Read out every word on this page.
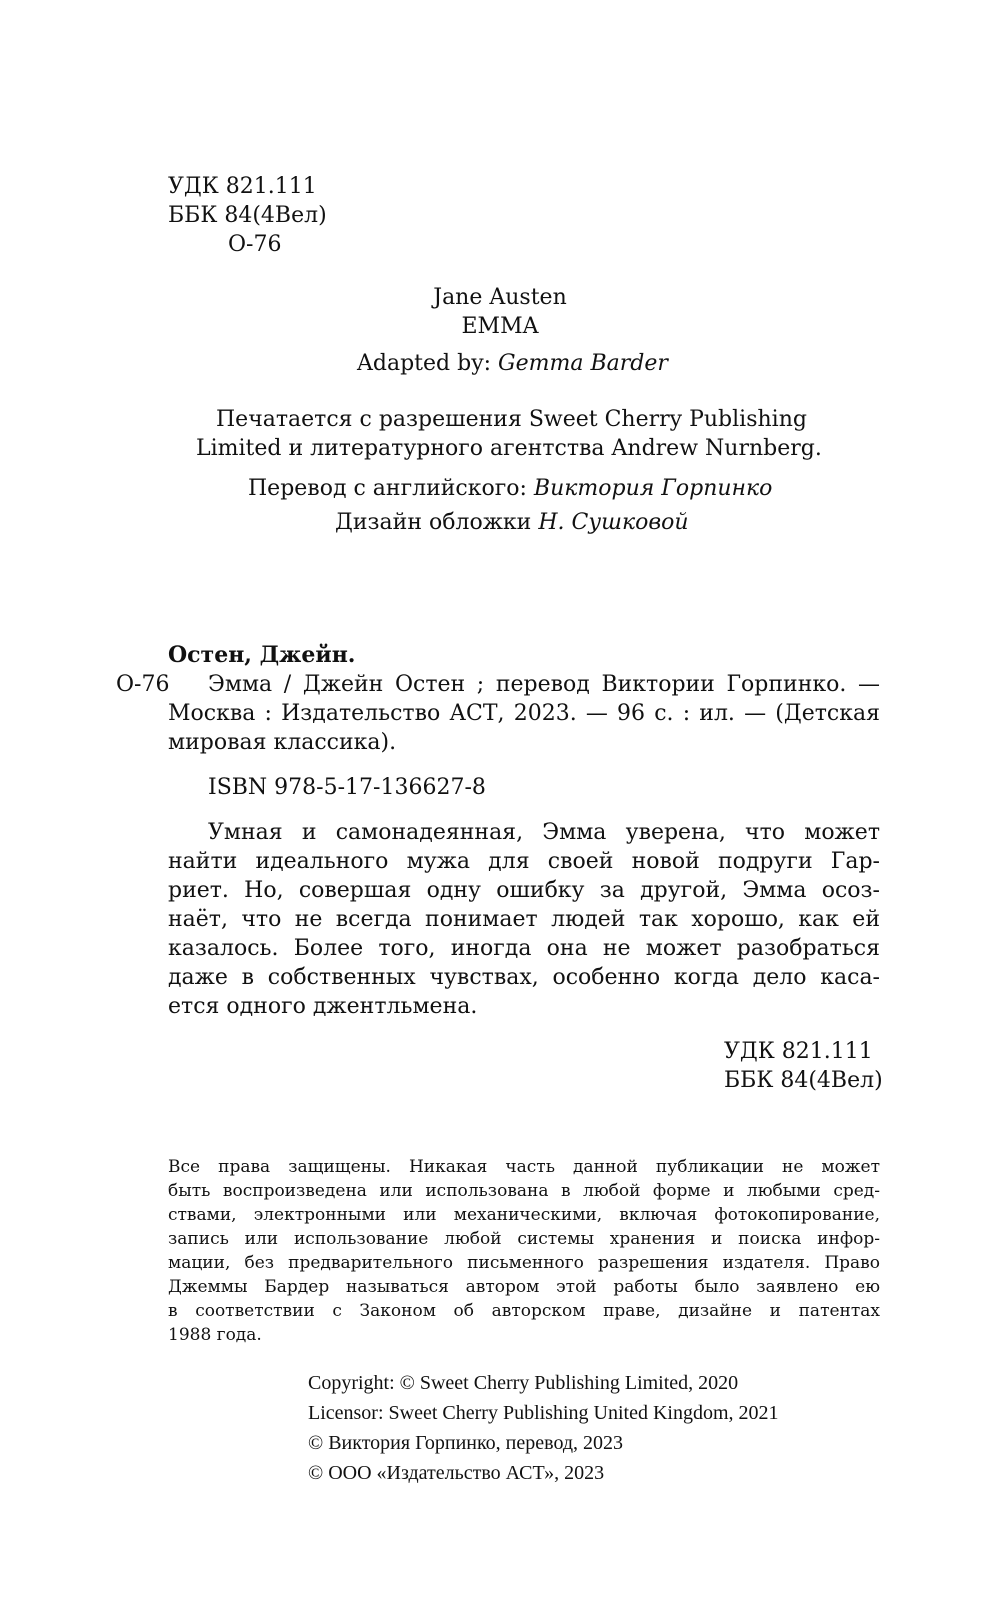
УДК 821.111
ББК 84(4Вел)
О-76
Jane Austen
EMMA
Adapted by: Gemma Barder
Печатается с разрешения Sweet Cherry Publishing
Limited и литературного агентства Andrew Nurnberg.
Перевод с английского: Виктория Горпинко
Дизайн обложки Н. Сушковой
Остен, Джейн.
О-76 Эмма / Джейн Остен ; перевод Виктории Горпинко. —
Москва : Издательство АСТ, 2023. — 96 с. : ил. — (Детская
мировая классика).
ISBN 978-5-17-136627-8
Умная и самонадеянная, Эмма уверена, что может
найти идеального мужа для своей новой подруги Гар-
риет. Но, совершая одну ошибку за другой, Эмма осоз-
наёт, что не всегда понимает людей так хорошо, как ей
казалось. Более того, иногда она не может разобраться
даже в собственных чувствах, особенно когда дело каса-
ется одного джентльмена.
УДК 821.111
ББК 84(4Вел)
Все права защищены. Никакая часть данной публикации не может
быть воспроизведена или использована в любой форме и любыми сред-
ствами, электронными или механическими, включая фотокопирование,
запись или использование любой системы хранения и поиска инфор-
мации, без предварительного письменного разрешения издателя. Право
Джеммы Бардер называться автором этой работы было заявлено ею
в соответствии с Законом об авторском праве, дизайне и патентах
1988 года.
Copyright: © Sweet Cherry Publishing Limited, 2020
Licensor: Sweet Cherry Publishing United Kingdom, 2021
© Виктория Горпинко, перевод, 2023
© ООО «Издательство АСТ», 2023
